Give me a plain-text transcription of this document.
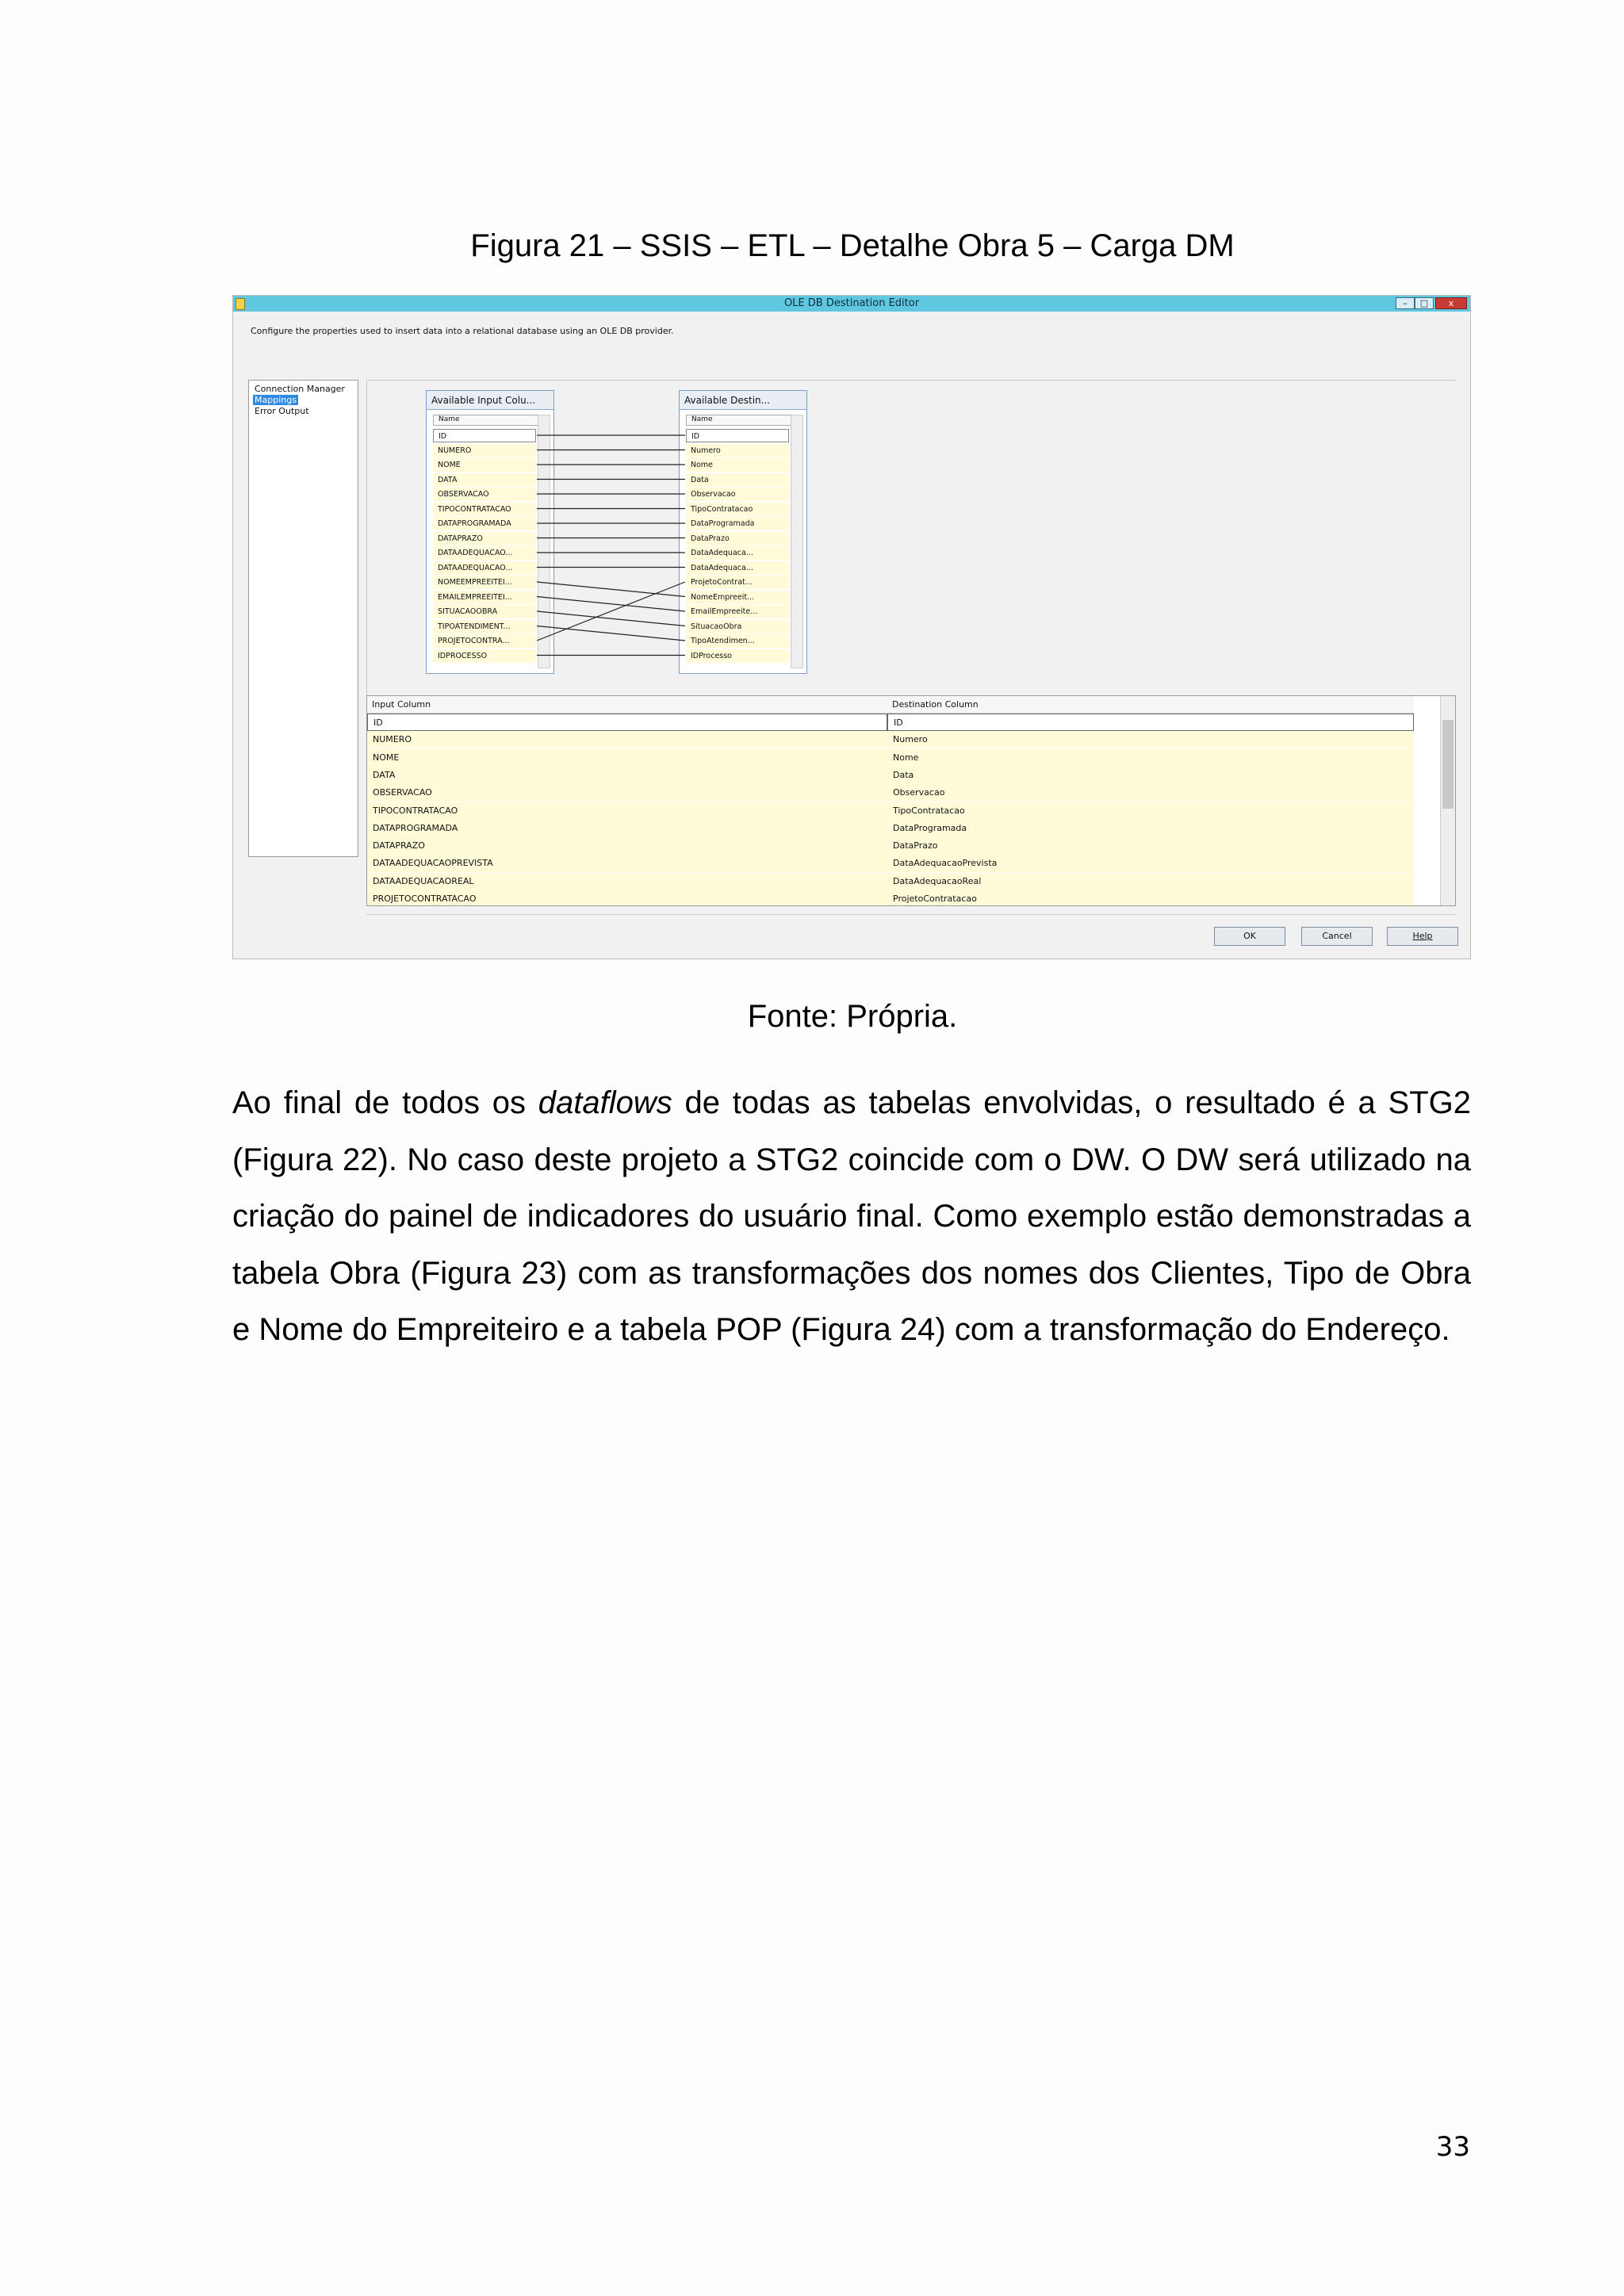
Figura 21 – SSIS – ETL – Detalhe Obra 5 – Carga DM
OLE DB Destination Editor	–	□	x
Configure the properties used to insert data into a relational database using an OLE DB provider.
Connection Manager
Mappings
Error Output
Available Input Colu...
Name
ID
NUMERO
NOME
DATA
OBSERVACAO
TIPOCONTRATACAO
DATAPROGRAMADA
DATAPRAZO
DATAADEQUACAO...
DATAADEQUACAO...
NOMEEMPREEITEI...
EMAILEMPREEITEI...
SITUACAOOBRA
TIPOATENDIMENT...
PROJETOCONTRA...
IDPROCESSO
Available Destin...
Name
ID
Numero
Nome
Data
Observacao
TipoContratacao
DataProgramada
DataPrazo
DataAdequaca...
DataAdequaca...
ProjetoContrat...
NomeEmpreeit...
EmailEmpreeite...
SituacaoObra
TipoAtendimen...
IDProcesso
Input Column	Destination Column
ID	ID
NUMERO	Numero
NOME	Nome
DATA	Data
OBSERVACAO	Observacao
TIPOCONTRATACAO	TipoContratacao
DATAPROGRAMADA	DataProgramada
DATAPRAZO	DataPrazo
DATAADEQUACAOPREVISTA	DataAdequacaoPrevista
DATAADEQUACAOREAL	DataAdequacaoReal
PROJETOCONTRATACAO	ProjetoContratacao
OK	Cancel	Help
Fonte: Própria.

Ao final de todos os dataflows de todas as tabelas envolvidas, o resultado é a STG2 (Figura 22). No caso deste projeto a STG2 coincide com o DW. O DW será utilizado na criação do painel de indicadores do usuário final. Como exemplo estão demonstradas a tabela Obra (Figura 23) com as transformações dos nomes dos Clientes, Tipo de Obra e Nome do Empreiteiro e a tabela POP (Figura 24) com a transformação do Endereço.

33
